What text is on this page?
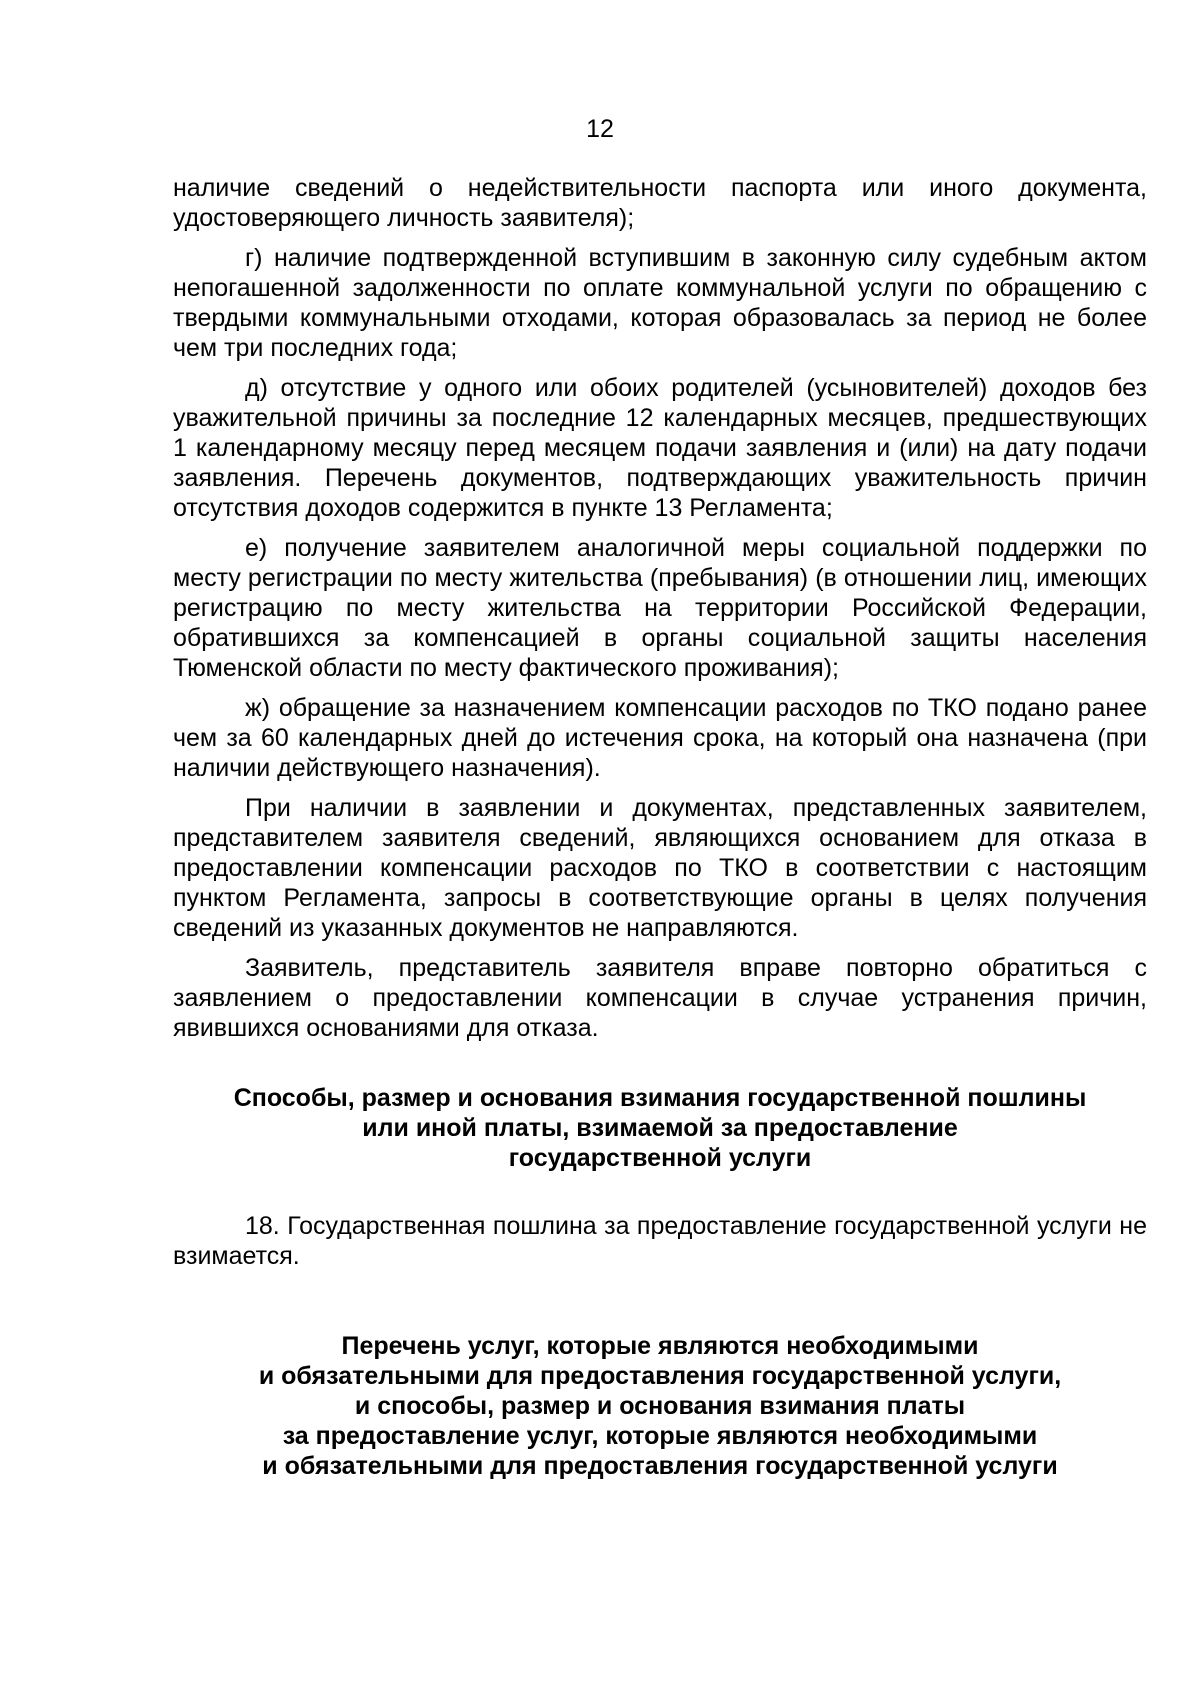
12

наличие сведений о недействительности паспорта или иного документа, удостоверяющего личность заявителя);

г) наличие подтвержденной вступившим в законную силу судебным актом непогашенной задолженности по оплате коммунальной услуги по обращению с твердыми коммунальными отходами, которая образовалась за период не более чем три последних года;

д) отсутствие у одного или обоих родителей (усыновителей) доходов без уважительной причины за последние 12 календарных месяцев, предшествующих 1 календарному месяцу перед месяцем подачи заявления и (или) на дату подачи заявления. Перечень документов, подтверждающих уважительность причин отсутствия доходов содержится в пункте 13 Регламента;

е) получение заявителем аналогичной меры социальной поддержки по месту регистрации по месту жительства (пребывания) (в отношении лиц, имеющих регистрацию по месту жительства на территории Российской Федерации, обратившихся за компенсацией в органы социальной защиты населения Тюменской области по месту фактического проживания);

ж) обращение за назначением компенсации расходов по ТКО подано ранее чем за 60 календарных дней до истечения срока, на который она назначена (при наличии действующего назначения).

При наличии в заявлении и документах, представленных заявителем, представителем заявителя сведений, являющихся основанием для отказа в предоставлении компенсации расходов по ТКО в соответствии с настоящим пунктом Регламента, запросы в соответствующие органы в целях получения сведений из указанных документов не направляются.

Заявитель, представитель заявителя вправе повторно обратиться с заявлением о предоставлении компенсации в случае устранения причин, явившихся основаниями для отказа.

Способы, размер и основания взимания государственной пошлины
или иной платы, взимаемой за предоставление
государственной услуги

18. Государственная пошлина за предоставление государственной услуги не взимается.

Перечень услуг, которые являются необходимыми
и обязательными для предоставления государственной услуги,
и способы, размер и основания взимания платы
за предоставление услуг, которые являются необходимыми
и обязательными для предоставления государственной услуги
